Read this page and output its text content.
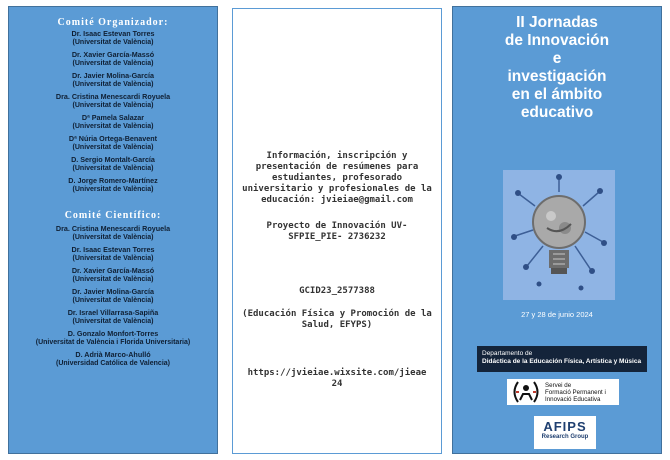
Comité Organizador:
Dr. Isaac Estevan Torres
(Universitat de València)
Dr. Xavier García-Massó
(Universitat de València)
Dr. Javier Molina-García
(Universitat de València)
Dra. Cristina Menescardi Royuela
(Universitat de València)
Dª Pamela Salazar
(Universitat de València)
Dª Núria Ortega-Benavent
(Universitat de València)
D. Sergio Montalt-García
(Universitat de València)
D. Jorge Romero-Martínez
(Universitat de València)
Comité Científico:
Dra. Cristina Menescardi Royuela
(Universitat de València)
Dr. Isaac Estevan Torres
(Universitat de València)
Dr. Xavier García-Massó
(Universitat de València)
Dr. Javier Molina-García
(Universitat de València)
Dr. Israel Villarrasa-Sapiña
(Universitat de València)
D. Gonzalo Monfort-Torres
(Universitat de València i Florida Universitaria)
D. Adrià Marco-Ahulló
(Universidad Católica de Valencia)
Información, inscripción y presentación de resúmenes para estudiantes, profesorado universitario y profesionales de la educación: jvieiae@gmail.com
Proyecto de Innovación UV-SFPIE_PIE- 2736232
GCID23_2577388
(Educación Física y Promoción de la Salud, EFYPS)
https://jvieiae.wixsite.com/jieae 24
II Jornadas
de Innovación
e
investigación
en el ámbito
educativo
27 y 28 de junio 2024
Departamento de
Didáctica de la Educación Física, Artística y Música
Servei de
Formació Permanent i
Innovació Educativa
AFIPS
Research Group
